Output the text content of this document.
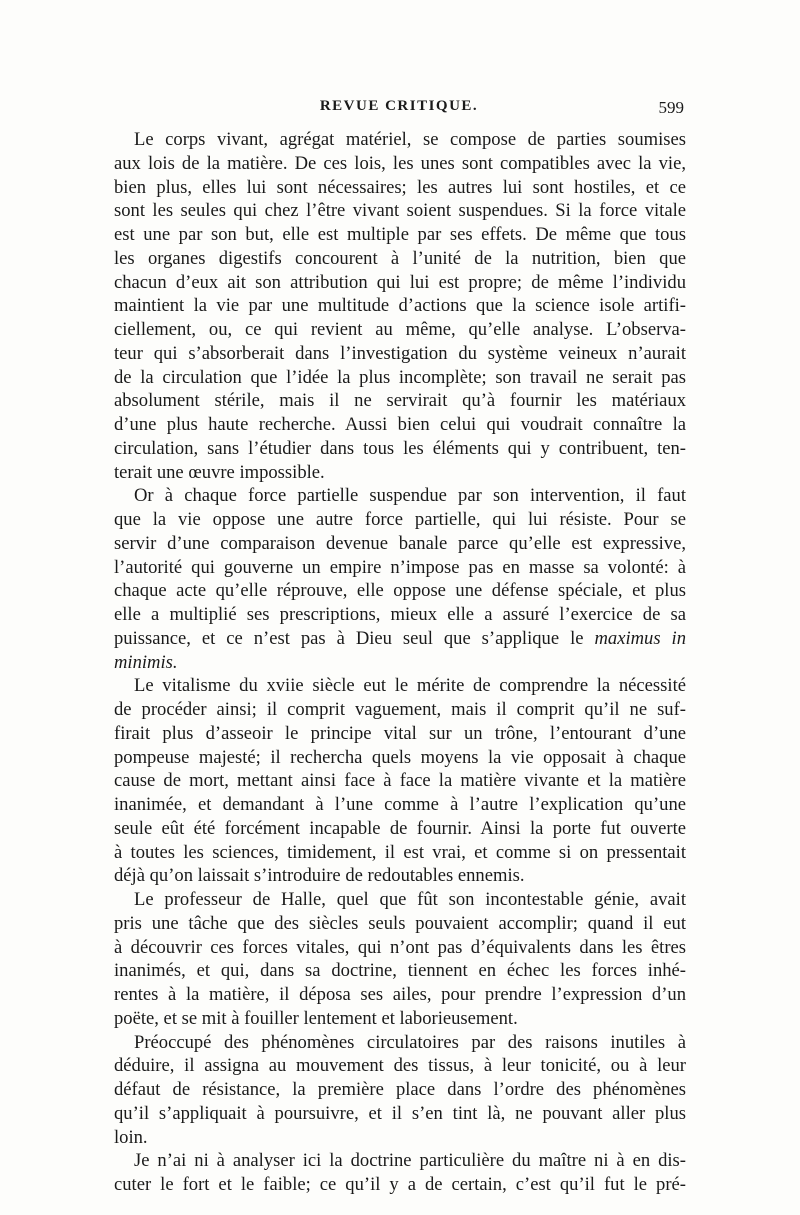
REVUE CRITIQUE.	599

Le corps vivant, agrégat matériel, se compose de parties soumises
aux lois de la matière. De ces lois, les unes sont compatibles avec la vie,
bien plus, elles lui sont nécessaires; les autres lui sont hostiles, et ce
sont les seules qui chez l’être vivant soient suspendues. Si la force vitale
est une par son but, elle est multiple par ses effets. De même que tous
les organes digestifs concourent à l’unité de la nutrition, bien que
chacun d’eux ait son attribution qui lui est propre; de même l’individu
maintient la vie par une multitude d’actions que la science isole artifi-
ciellement, ou, ce qui revient au même, qu’elle analyse. L’observa-
teur qui s’absorberait dans l’investigation du système veineux n’aurait
de la circulation que l’idée la plus incomplète; son travail ne serait pas
absolument stérile, mais il ne servirait qu’à fournir les matériaux
d’une plus haute recherche. Aussi bien celui qui voudrait connaître la
circulation, sans l’étudier dans tous les éléments qui y contribuent, ten-
terait une œuvre impossible.

Or à chaque force partielle suspendue par son intervention, il faut
que la vie oppose une autre force partielle, qui lui résiste. Pour se
servir d’une comparaison devenue banale parce qu’elle est expressive,
l’autorité qui gouverne un empire n’impose pas en masse sa volonté: à
chaque acte qu’elle réprouve, elle oppose une défense spéciale, et plus
elle a multiplié ses prescriptions, mieux elle a assuré l’exercice de sa
puissance, et ce n’est pas à Dieu seul que s’applique le maximus in
minimis.

Le vitalisme du xviie siècle eut le mérite de comprendre la nécessité
de procéder ainsi; il comprit vaguement, mais il comprit qu’il ne suf-
firait plus d’asseoir le principe vital sur un trône, l’entourant d’une
pompeuse majesté; il rechercha quels moyens la vie opposait à chaque
cause de mort, mettant ainsi face à face la matière vivante et la matière
inanimée, et demandant à l’une comme à l’autre l’explication qu’une
seule eût été forcément incapable de fournir. Ainsi la porte fut ouverte
à toutes les sciences, timidement, il est vrai, et comme si on pressentait
déjà qu’on laissait s’introduire de redoutables ennemis.

Le professeur de Halle, quel que fût son incontestable génie, avait
pris une tâche que des siècles seuls pouvaient accomplir; quand il eut
à découvrir ces forces vitales, qui n’ont pas d’équivalents dans les êtres
inanimés, et qui, dans sa doctrine, tiennent en échec les forces inhé-
rentes à la matière, il déposa ses ailes, pour prendre l’expression d’un
poëte, et se mit à fouiller lentement et laborieusement.

Préoccupé des phénomènes circulatoires par des raisons inutiles à
déduire, il assigna au mouvement des tissus, à leur tonicité, ou à leur
défaut de résistance, la première place dans l’ordre des phénomènes
qu’il s’appliquait à poursuivre, et il s’en tint là, ne pouvant aller plus
loin.

Je n’ai ni à analyser ici la doctrine particulière du maître ni à en dis-
cuter le fort et le faible; ce qu’il y a de certain, c’est qu’il fut le pré-
